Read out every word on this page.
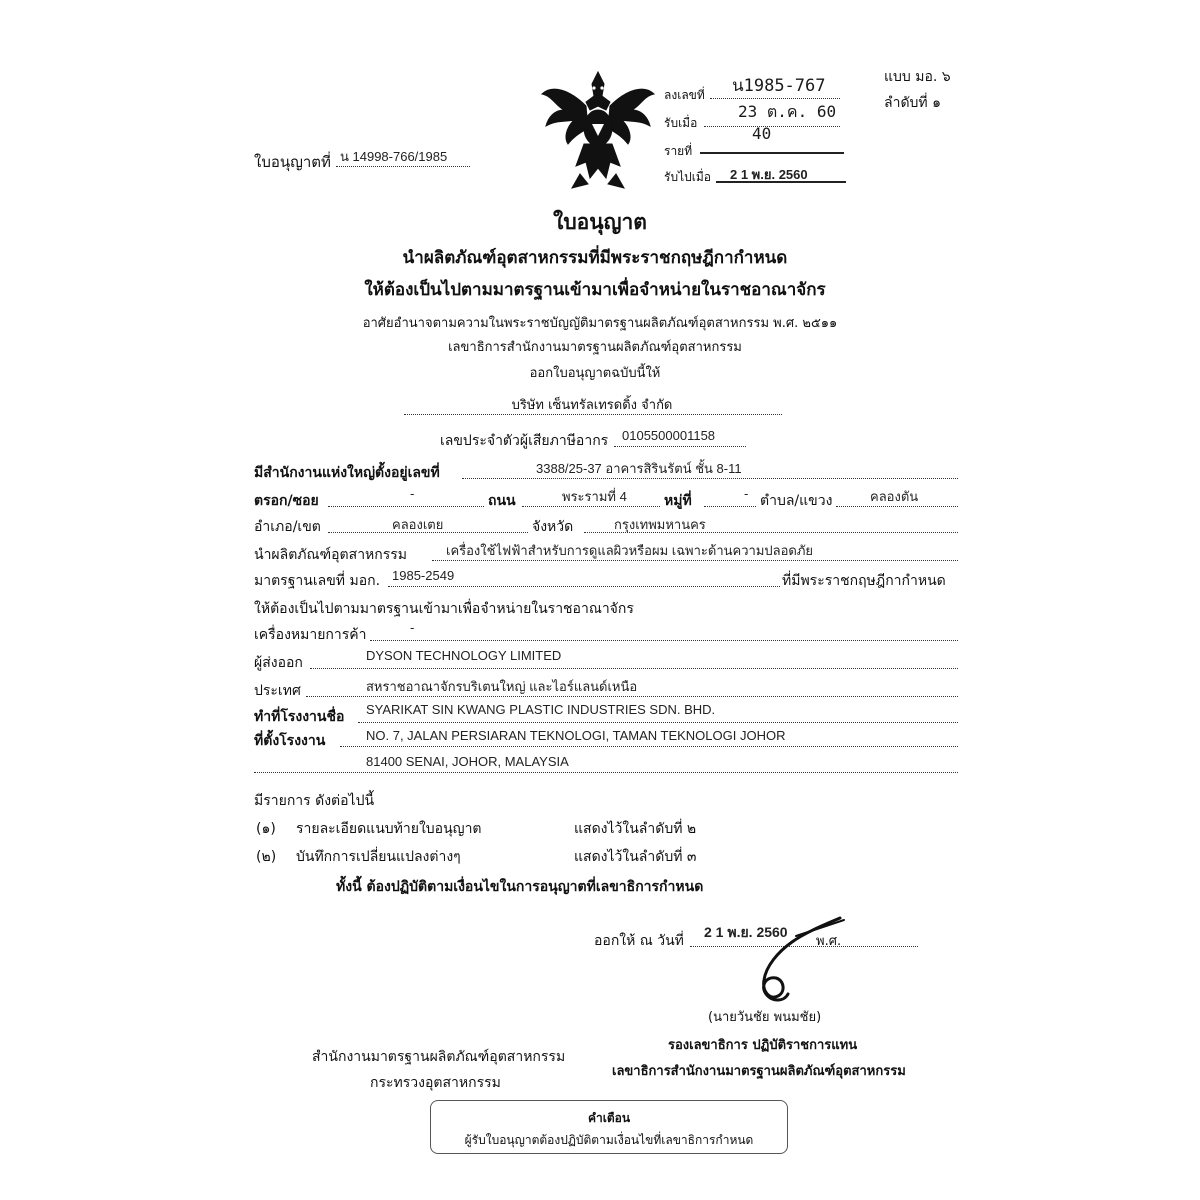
แบบ มอ. ๖
ลำดับที่ ๑
ลงเลขที่ น1985-767
รับเมื่อ
23 ต.ค. 60
รายที่
40
รับไปเมื่อ 2 1 พ.ย. 2560
ใบอนุญาตที่ น 14998-766/1985
ใบอนุญาต
นำผลิตภัณฑ์อุตสาหกรรมที่มีพระราชกฤษฎีกากำหนด
ให้ต้องเป็นไปตามมาตรฐานเข้ามาเพื่อจำหน่ายในราชอาณาจักร
อาศัยอำนาจตามความในพระราชบัญญัติมาตรฐานผลิตภัณฑ์อุตสาหกรรม พ.ศ. ๒๕๑๑
เลขาธิการสำนักงานมาตรฐานผลิตภัณฑ์อุตสาหกรรม
ออกใบอนุญาตฉบับนี้ให้
บริษัท เซ็นทรัลเทรดดิ้ง จำกัด
เลขประจำตัวผู้เสียภาษีอากร 0105500001158
มีสำนักงานแห่งใหญ่ตั้งอยู่เลขที่	3388/25-37 อาคารสิรินรัตน์ ชั้น 8-11
ตรอก/ซอย	-	ถนน	พระรามที่ 4	หมู่ที่	- ตำบล/แขวง	คลองตัน
อำเภอ/เขต	คลองเตย	จังหวัด	กรุงเทพมหานคร
นำผลิตภัณฑ์อุตสาหกรรม	เครื่องใช้ไฟฟ้าสำหรับการดูแลผิวหรือผม เฉพาะด้านความปลอดภัย
มาตรฐานเลขที่ มอก. 1985-2549	ที่มีพระราชกฤษฎีกากำหนด
ให้ต้องเป็นไปตามมาตรฐานเข้ามาเพื่อจำหน่ายในราชอาณาจักร
เครื่องหมายการค้า	-
ผู้ส่งออก	DYSON TECHNOLOGY LIMITED
ประเทศ	สหราชอาณาจักรบริเตนใหญ่ และไอร์แลนด์เหนือ
ทำที่โรงงานชื่อ SYARIKAT SIN KWANG PLASTIC INDUSTRIES SDN. BHD.
ที่ตั้งโรงงาน	NO. 7, JALAN PERSIARAN TEKNOLOGI, TAMAN TEKNOLOGI JOHOR
81400 SENAI, JOHOR, MALAYSIA
มีรายการ ดังต่อไปนี้
(๑) รายละเอียดแนบท้ายใบอนุญาต	แสดงไว้ในลำดับที่ ๒
(๒) บันทึกการเปลี่ยนแปลงต่างๆ	แสดงไว้ในลำดับที่ ๓
ทั้งนี้ ต้องปฏิบัติตามเงื่อนไขในการอนุญาตที่เลขาธิการกำหนด
ออกให้ ณ วันที่
2 1 พ.ย. 2560
พ.ศ.
(นายวันชัย พนมชัย)
รองเลขาธิการ ปฏิบัติราชการแทน
เลขาธิการสำนักงานมาตรฐานผลิตภัณฑ์อุตสาหกรรม
สำนักงานมาตรฐานผลิตภัณฑ์อุตสาหกรรม
กระทรวงอุตสาหกรรม
คำเตือน
ผู้รับใบอนุญาตต้องปฏิบัติตามเงื่อนไขที่เลขาธิการกำหนด
